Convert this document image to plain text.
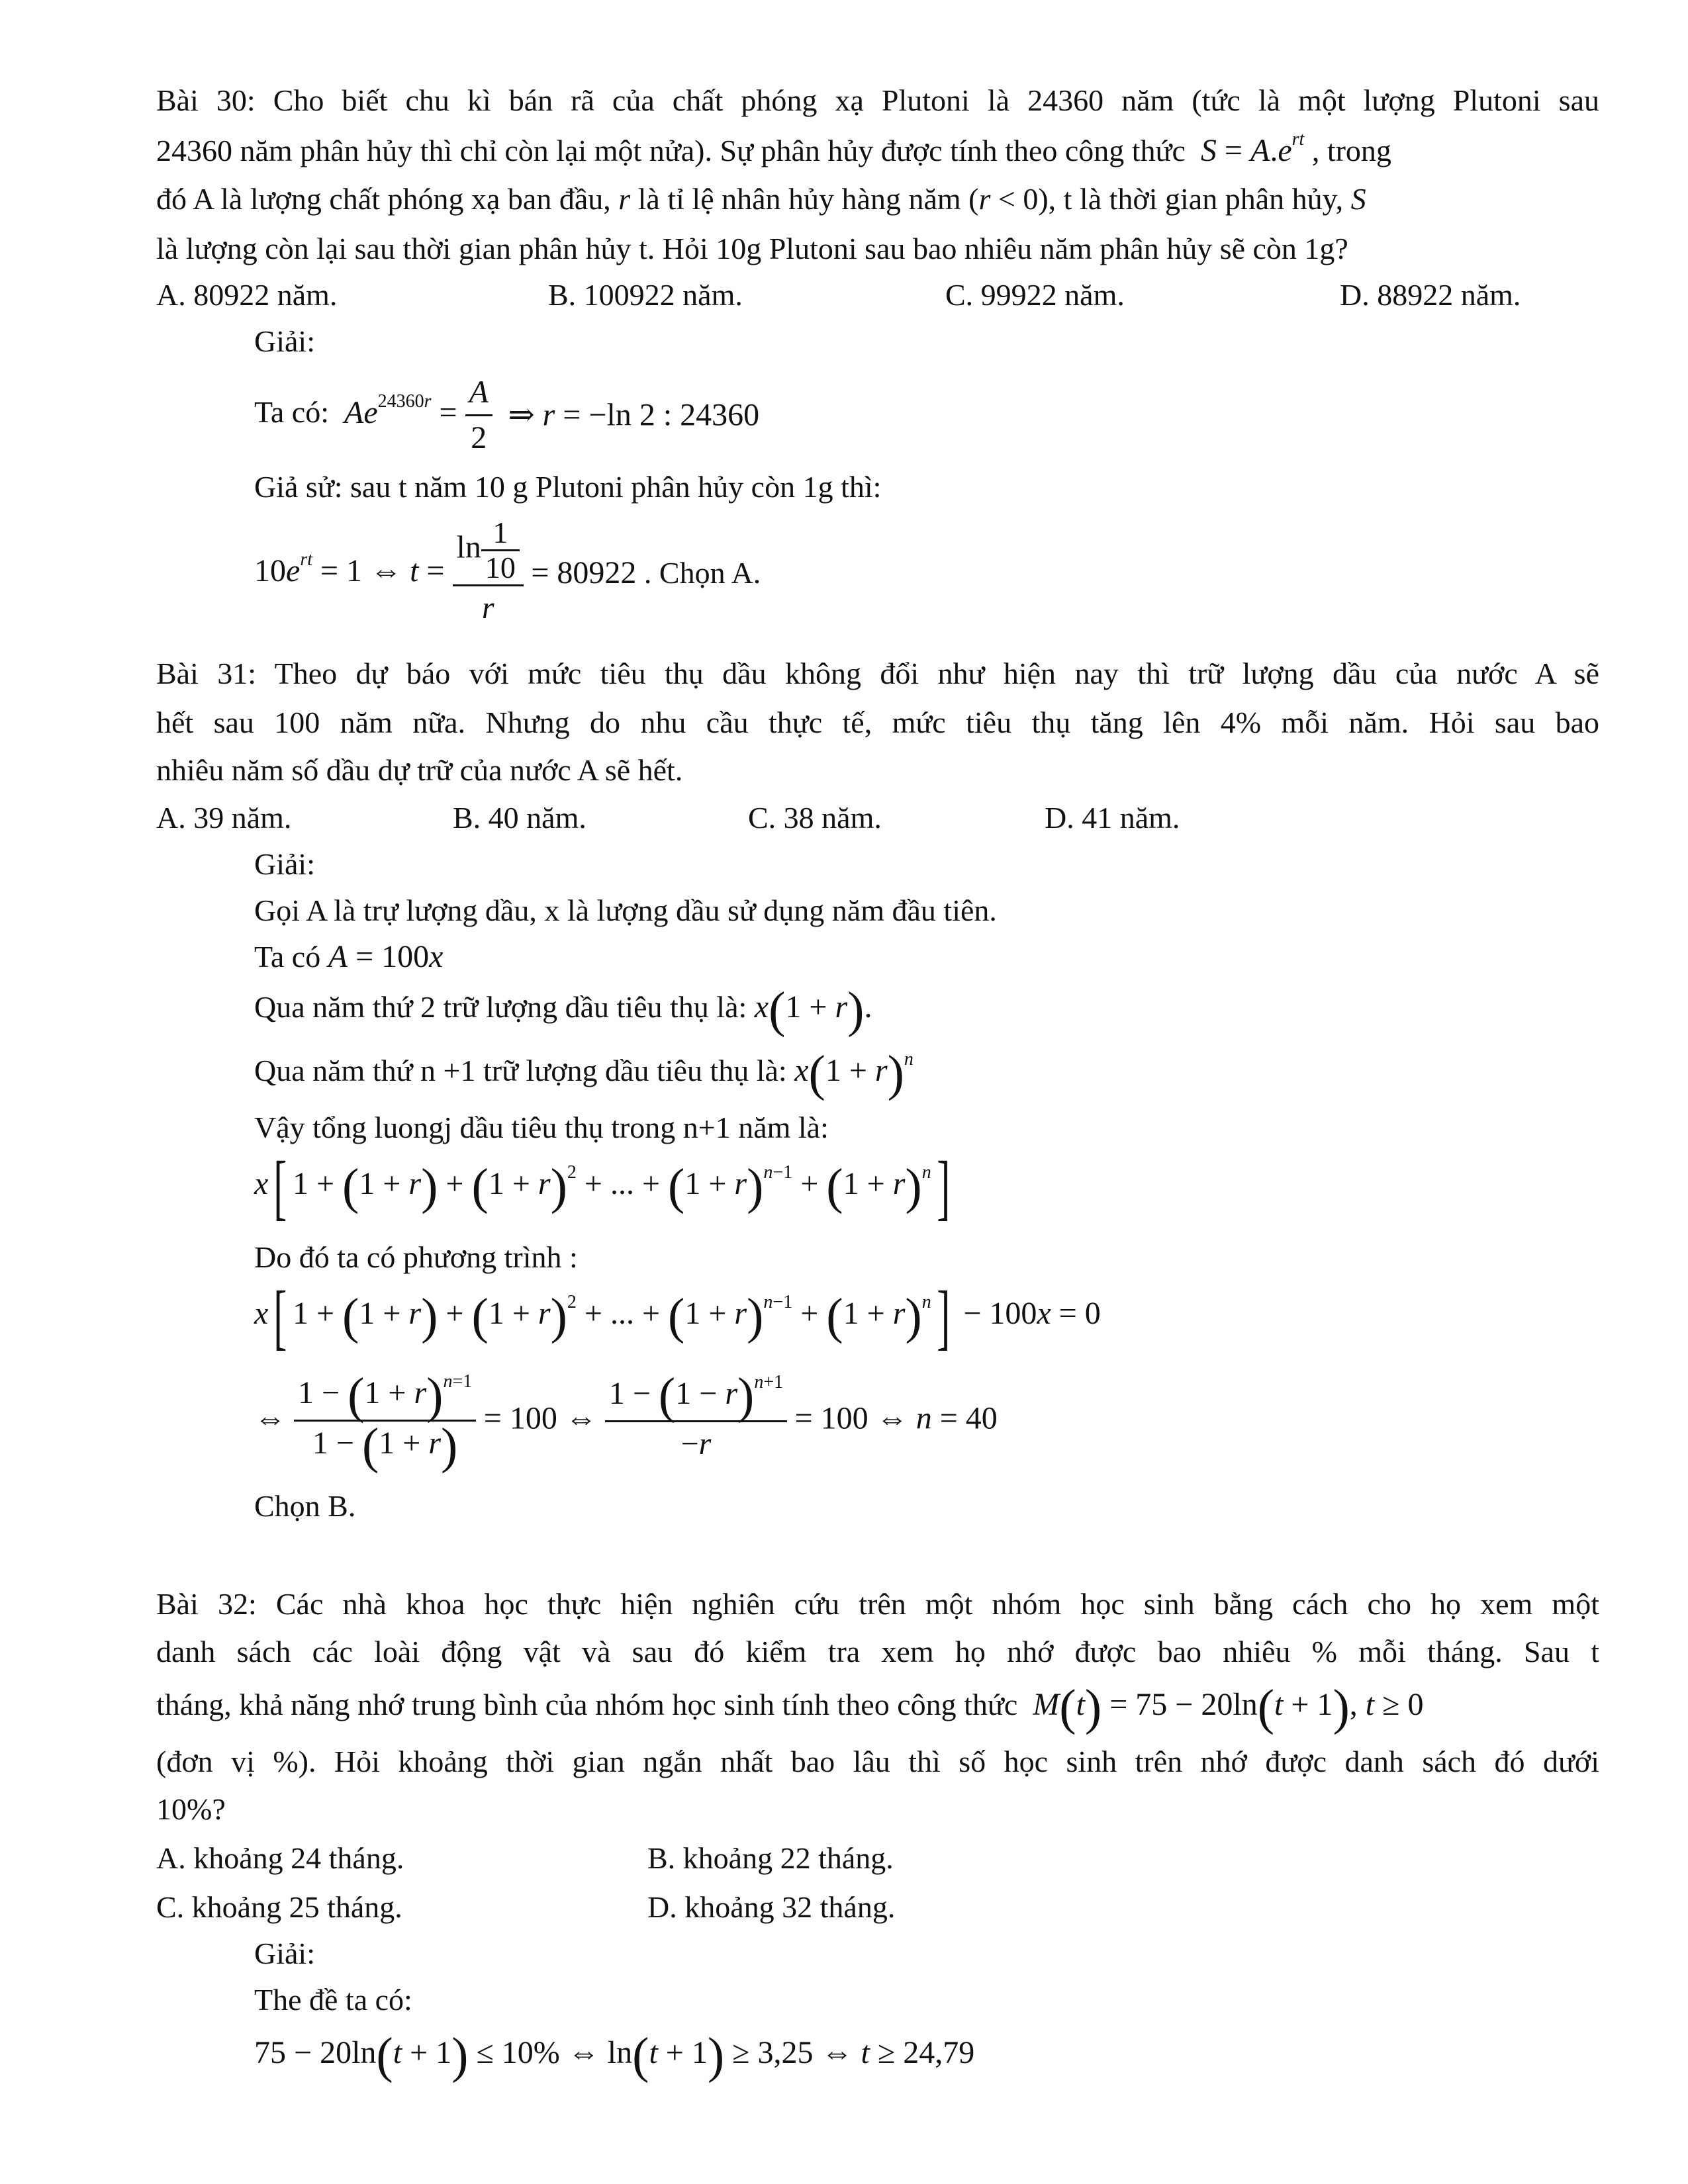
Bài 30: Cho biết chu kì bán rã của chất phóng xạ Plutoni là 24360 năm (tức là một lượng Plutoni sau
24360 năm phân hủy thì chỉ còn lại một nửa). Sự phân hủy được tính theo công thức $S = A.e^{rt}$ , trong
đó A là lượng chất phóng xạ ban đầu, r là tỉ lệ nhân hủy hàng năm (r < 0), t là thời gian phân hủy, S
là lượng còn lại sau thời gian phân hủy t. Hỏi 10g Plutoni sau bao nhiêu năm phân hủy sẽ còn 1g?
A. 80922 năm.	B. 100922 năm.	C. 99922 năm.	D. 88922 năm.
Giải:
Ta có: $Ae^{24360r} = \frac{A}{2}$ ⇒ r = −ln 2 : 24360
Giả sử: sau t năm 10 g Plutoni phân hủy còn 1g thì:
$10e^{rt} = 1$ ⇔ $t = \frac{\ln \frac{1}{10}}{r} = 80922$ . Chọn A.
Bài 31: Theo dự báo với mức tiêu thụ dầu không đổi như hiện nay thì trữ lượng dầu của nước A sẽ
hết sau 100 năm nữa. Nhưng do nhu cầu thực tế, mức tiêu thụ tăng lên 4% mỗi năm. Hỏi sau bao
nhiêu năm số dầu dự trữ của nước A sẽ hết.
A. 39 năm.	B. 40 năm.	C. 38 năm.	D. 41 năm.
Giải:
Gọi A là trự lượng dầu, x là lượng dầu sử dụng năm đầu tiên.
Ta có A = 100x
Qua năm thứ 2 trữ lượng dầu tiêu thụ là: x(1 + r).
Qua năm thứ n +1 trữ lượng dầu tiêu thụ là: $x(1 + r)^n$
Vậy tổng luongj dầu tiêu thụ trong n+1 năm là:
x[ $1 + (1 + r) + (1 + r)^2$ + ... + $(1 + r)^{n-1} + (1 + r)^n$]
Do đó ta có phương trình :
x[ $1 + (1 + r) + (1 + r)^2$ + ... + $(1 + r)^{n-1} + (1 + r)^n] - 100x = 0$
⇔ $\frac{1 - (1 + r)^{n=1}}{1 - (1 + r)} = 100$ ⇔ $\frac{1 - (1 - r)^{n+1}}{-r} = 100$ ⇔ n = 40
Chọn B.
Bài 32: Các nhà khoa học thực hiện nghiên cứu trên một nhóm học sinh bằng cách cho họ xem một
danh sách các loài động vật và sau đó kiểm tra xem họ nhớ được bao nhiêu % mỗi tháng. Sau t
tháng, khả năng nhớ trung bình của nhóm học sinh tính theo công thức M(t) = 75 − 20ln(t + 1), t ≥ 0
(đơn vị %). Hỏi khoảng thời gian ngắn nhất bao lâu thì số học sinh trên nhớ được danh sách đó dưới
10%?
A. khoảng 24 tháng.	B. khoảng 22 tháng.
C. khoảng 25 tháng.	D. khoảng 32 tháng.
Giải:
The đề ta có:
75 − 20ln(t + 1) ≤ 10% ⇔ ln(t + 1) ≥ 3,25 ⇔ t ≥ 24,79
